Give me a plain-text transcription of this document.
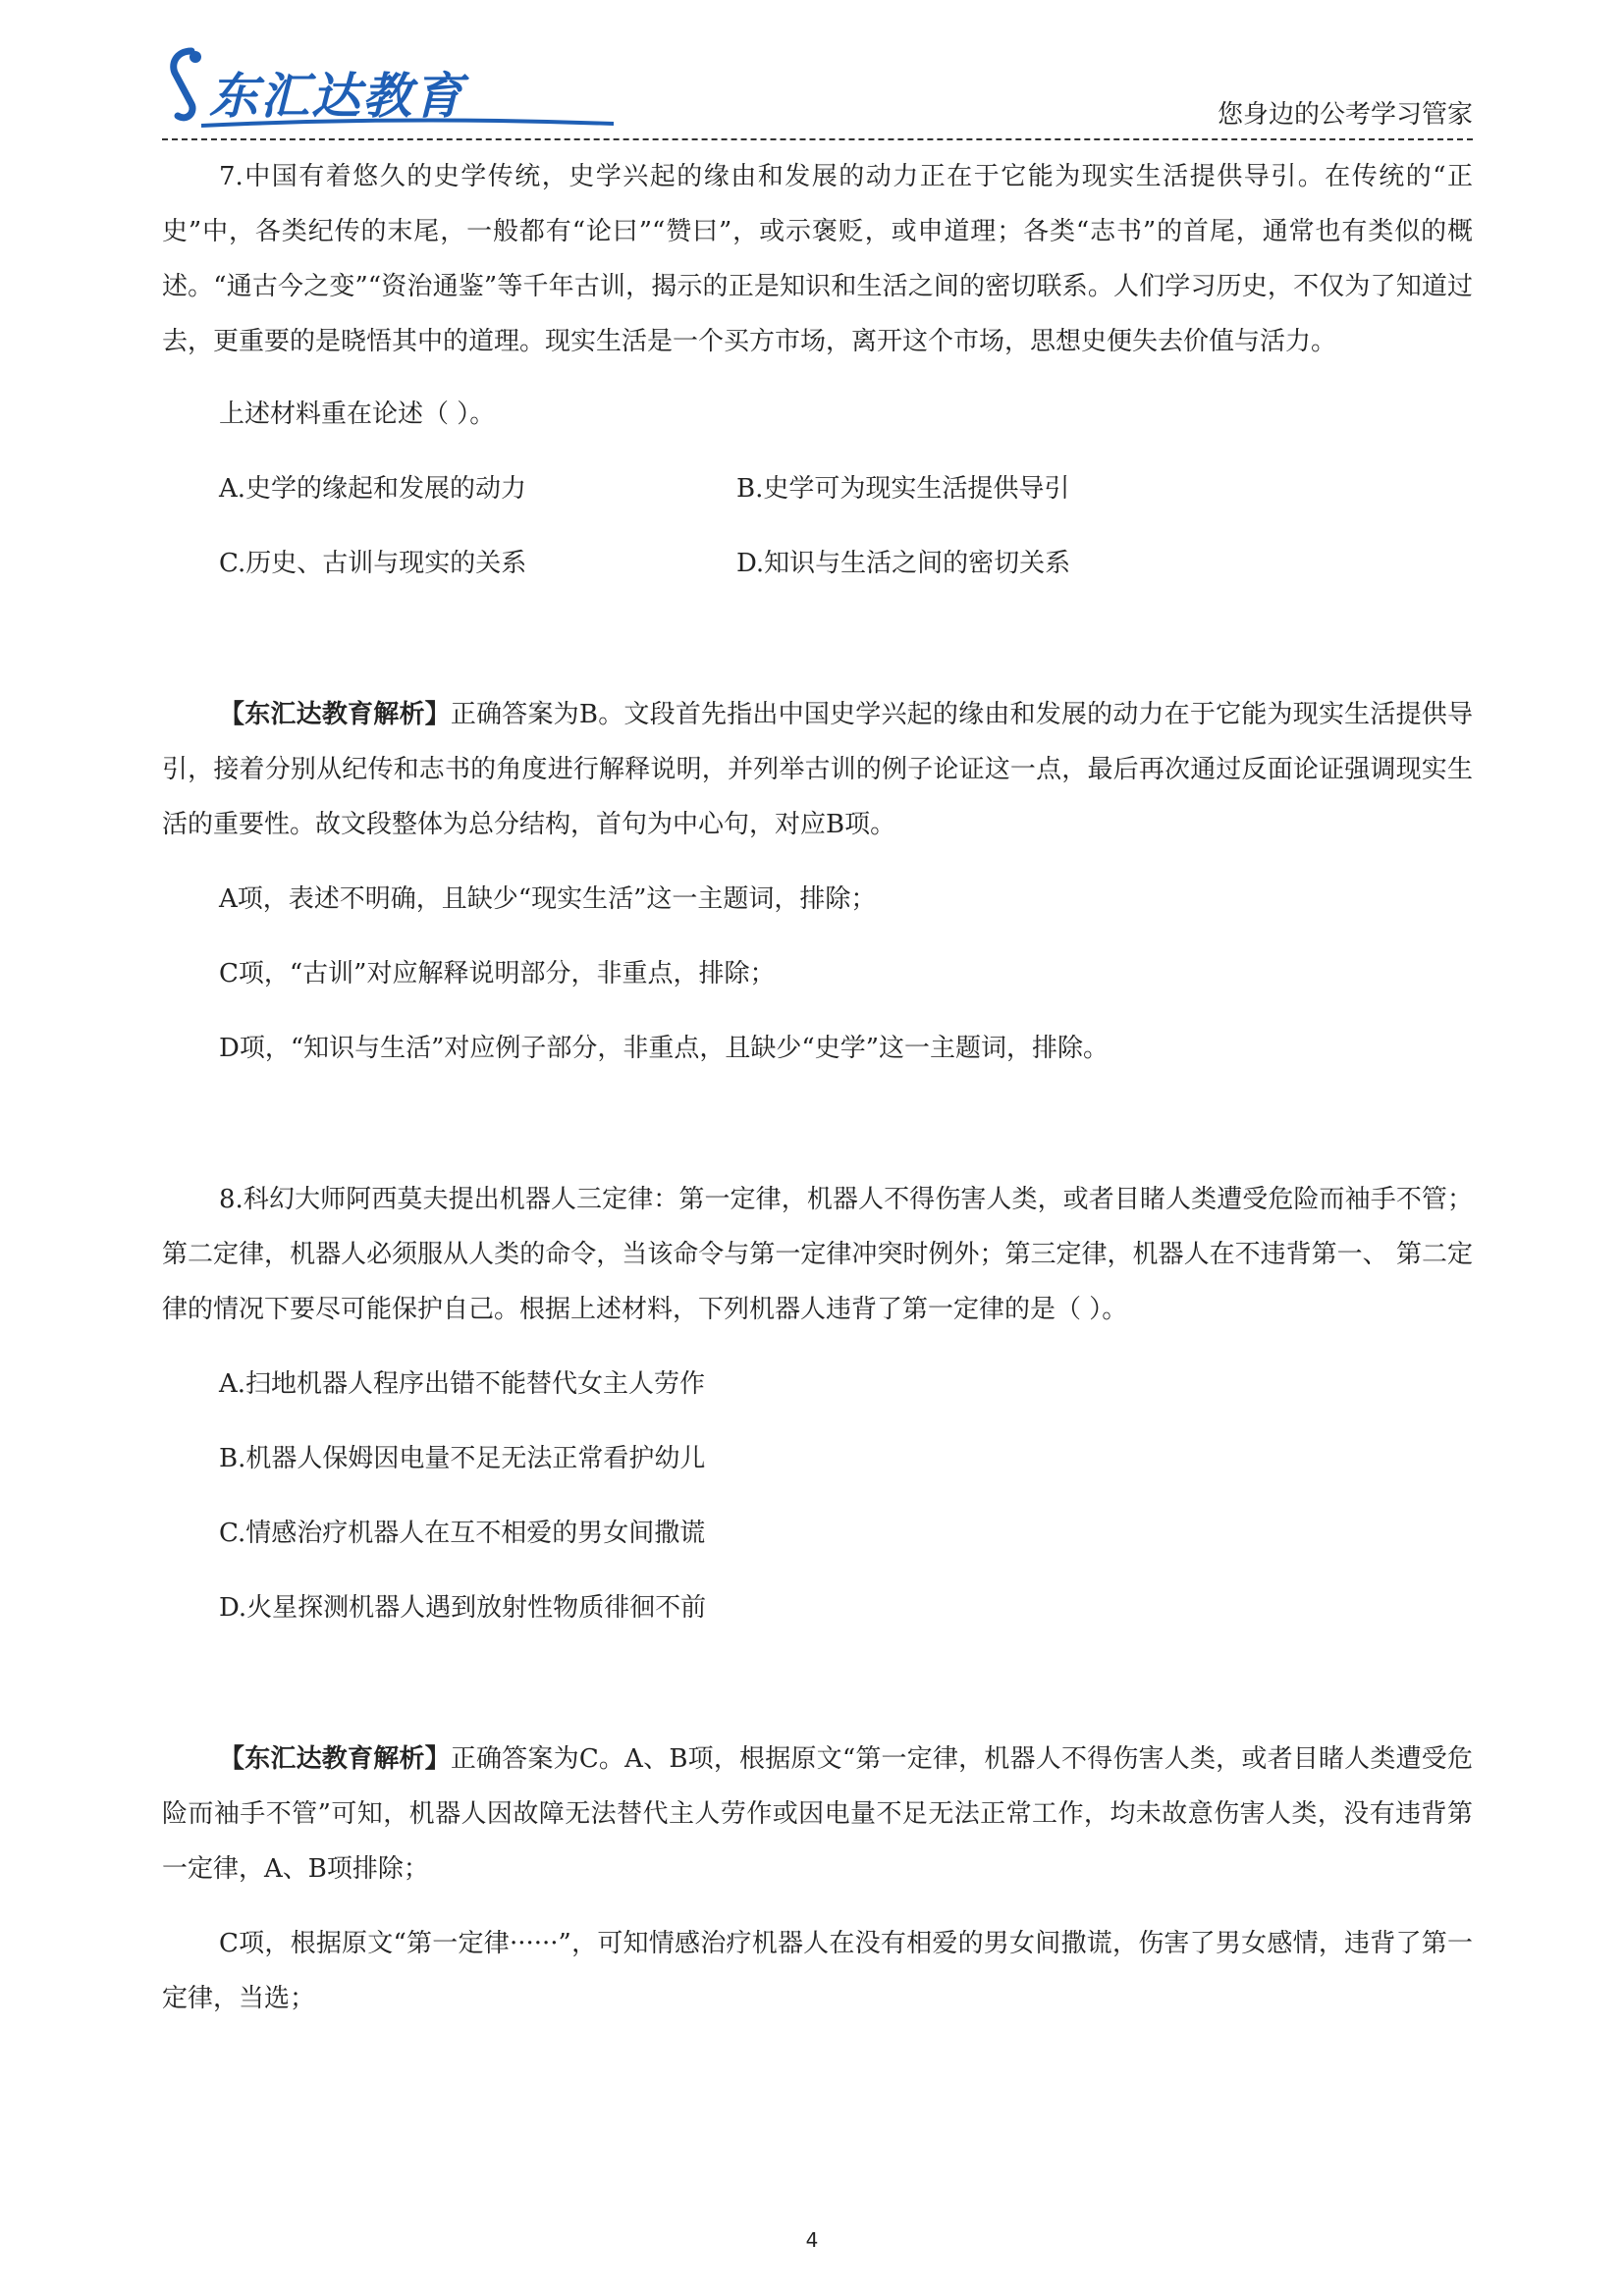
东汇达教育	您身边的公考学习管家

7.中国有着悠久的史学传统，史学兴起的缘由和发展的动力正在于它能为现实生活提供导引。在传统的“正史”中，各类纪传的末尾，一般都有“论曰”“赞曰”，或示褒贬，或申道理；各类“志书”的首尾，通常也有类似的概述。“通古今之变”“资治通鉴”等千年古训，揭示的正是知识和生活之间的密切联系。人们学习历史，不仅为了知道过去，更重要的是晓悟其中的道理。现实生活是一个买方市场，离开这个市场，思想史便失去价值与活力。

上述材料重在论述（ ）。

A.史学的缘起和发展的动力	B.史学可为现实生活提供导引
C.历史、古训与现实的关系	D.知识与生活之间的密切关系

【东汇达教育解析】正确答案为B。文段首先指出中国史学兴起的缘由和发展的动力在于它能为现实生活提供导引，接着分别从纪传和志书的角度进行解释说明，并列举古训的例子论证这一点，最后再次通过反面论证强调现实生活的重要性。故文段整体为总分结构，首句为中心句，对应B项。

A项，表述不明确，且缺少“现实生活”这一主题词，排除；

C项，“古训”对应解释说明部分，非重点，排除；

D项，“知识与生活”对应例子部分，非重点，且缺少“史学”这一主题词，排除。

8.科幻大师阿西莫夫提出机器人三定律：第一定律，机器人不得伤害人类，或者目睹人类遭受危险而袖手不管；第二定律，机器人必须服从人类的命令，当该命令与第一定律冲突时例外；第三定律，机器人在不违背第一、 第二定律的情况下要尽可能保护自己。根据上述材料，下列机器人违背了第一定律的是（ ）。

A.扫地机器人程序出错不能替代女主人劳作

B.机器人保姆因电量不足无法正常看护幼儿

C.情感治疗机器人在互不相爱的男女间撒谎

D.火星探测机器人遇到放射性物质徘徊不前

【东汇达教育解析】正确答案为C。A、B项，根据原文“第一定律，机器人不得伤害人类，或者目睹人类遭受危险而袖手不管”可知，机器人因故障无法替代主人劳作或因电量不足无法正常工作，均未故意伤害人类，没有违背第一定律，A、B项排除；

C项，根据原文“第一定律······”，可知情感治疗机器人在没有相爱的男女间撒谎，伤害了男女感情，违背了第一定律，当选；

4
